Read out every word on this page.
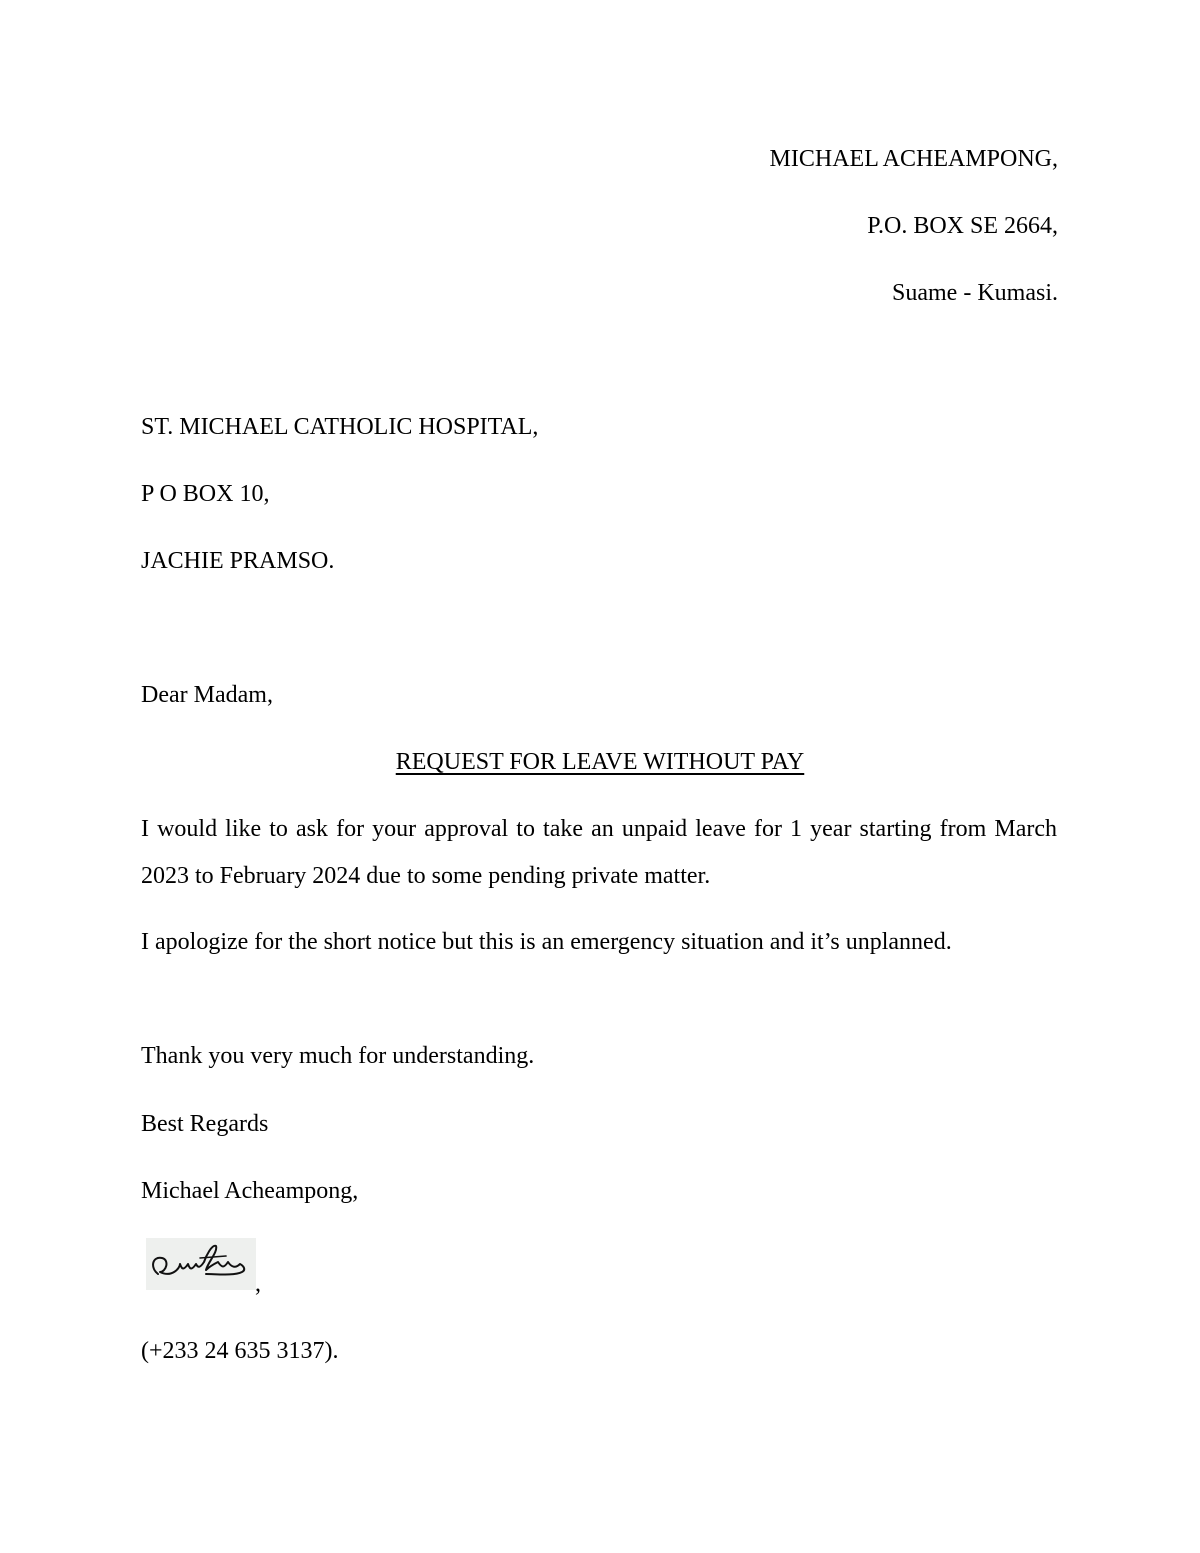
MICHAEL ACHEAMPONG,
P.O. BOX SE 2664,
Suame - Kumasi.
ST. MICHAEL CATHOLIC HOSPITAL,
P O BOX 10,
JACHIE PRAMSO.
Dear Madam,
REQUEST FOR LEAVE WITHOUT PAY
I would like to ask for your approval to take an unpaid leave for 1 year starting from March 2023 to February 2024 due to some pending private matter.
I apologize for the short notice but this is an emergency situation and it’s unplanned.
Thank you very much for understanding.
Best Regards
Michael Acheampong,
,
(+233 24 635 3137).
